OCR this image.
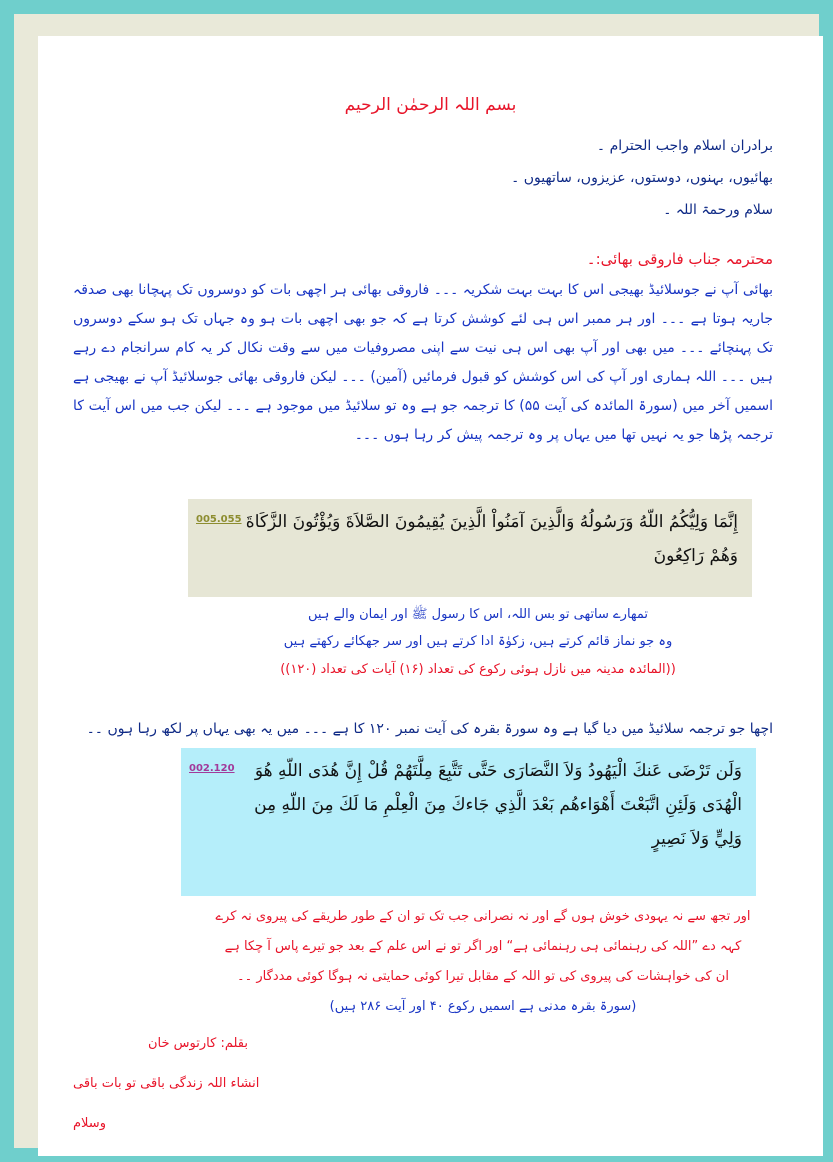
بسم اللہ الرحمٰن الرحیم
برادران اسلام واجب الحترام ۔
بھائیوں، بہنوں، دوستوں، عزیزوں، ساتھیوں ۔
سلام ورحمۃ اللہ ۔
محترمہ جناب فاروقی بھائی:۔
بھائی آپ نے جوسلائیڈ بھیجی اس کا بہت بہت شکریہ ۔۔۔ فاروقی بھائی ہر اچھی بات کو دوسروں تک پہچانا بھی صدقہ جاریہ ہوتا ہے ۔۔۔ اور ہر ممبر اس ہی لئے کوشش کرتا ہے کہ جو بھی اچھی بات ہو وہ جہاں تک ہو سکے دوسروں تک پہنچائے ۔۔۔ میں بھی اور آپ بھی اس ہی نیت سے اپنی مصروفیات میں سے وقت نکال کر یہ کام سرانجام دے رہے ہیں ۔۔۔ اللہ ہماری اور آپ کی اس کوشش کو قبول فرمائیں (آمین) ۔۔۔ لیکن فاروقی بھائی جوسلائیڈ آپ نے بھیجی ہے اسمیں آخر میں (سورۃ المائدہ کی آیت ۵۵) کا ترجمہ جو ہے وہ تو سلائیڈ میں موجود ہے ۔۔۔ لیکن جب میں اس آیت کا ترجمہ پڑھا جو یہ نہیں تھا میں یہاں پر وہ ترجمہ پیش کر رہا ہوں ۔۔۔
005.055 إِنَّمَا وَلِيُّكُمُ اللّهُ وَرَسُولُهُ وَالَّذِينَ آمَنُواْ الَّذِينَ يُقِيمُونَ الصَّلاَةَ وَيُؤْتُونَ الزَّكَاةَ وَهُمْ رَاكِعُونَ
تمھارے ساتھی تو بس اللہ، اس کا رسول ﷺ اور ایمان والے ہیں
وہ جو نماز قائم کرتے ہیں، زکوٰۃ ادا کرتے ہیں اور سر جھکائے رکھتے ہیں
((المائدہ مدینہ میں نازل ہوئی رکوع کی تعداد (۱۶) آیات کی تعداد (۱۲۰))
اچھا جو ترجمہ سلائیڈ میں دیا گیا ہے وہ سورۃ بقرہ کی آیت نمبر ۱۲۰ کا ہے ۔۔۔ میں یہ بھی یہاں پر لکھ رہا ہوں ۔۔
002.120	وَلَن تَرْضَى عَنكَ الْيَهُودُ وَلاَ النَّصَارَى حَتَّى تَتَّبِعَ مِلَّتَهُمْ قُلْ إِنَّ هُدَى اللّهِ هُوَ الْهُدَى وَلَئِنِ اتَّبَعْتَ أَهْوَاءهُم بَعْدَ الَّذِي جَاءكَ مِنَ الْعِلْمِ مَا لَكَ مِنَ اللّهِ مِن وَلِيٍّ وَلاَ نَصِيرٍ
اور تجھ سے نہ یہودی خوش ہوں گے اور نہ نصرانی جب تک تو ان کے طور طریقے کی پیروی نہ کرے
کہہ دے ”اللہ کی رہنمائی ہی رہنمائی ہے“ اور اگر تو نے اس علم کے بعد جو تیرے پاس آ چکا ہے
ان کی خواہشات کی پیروی کی تو اللہ کے مقابل تیرا کوئی حمایتی نہ ہوگا کوئی مددگار ۔۔
(سورۃ بقرہ مدنی ہے اسمیں رکوع ۴۰ اور آیت ۲۸۶ ہیں)
بقلم: کارتوس خان
انشاء اللہ زندگی باقی تو بات باقی
وسلام
